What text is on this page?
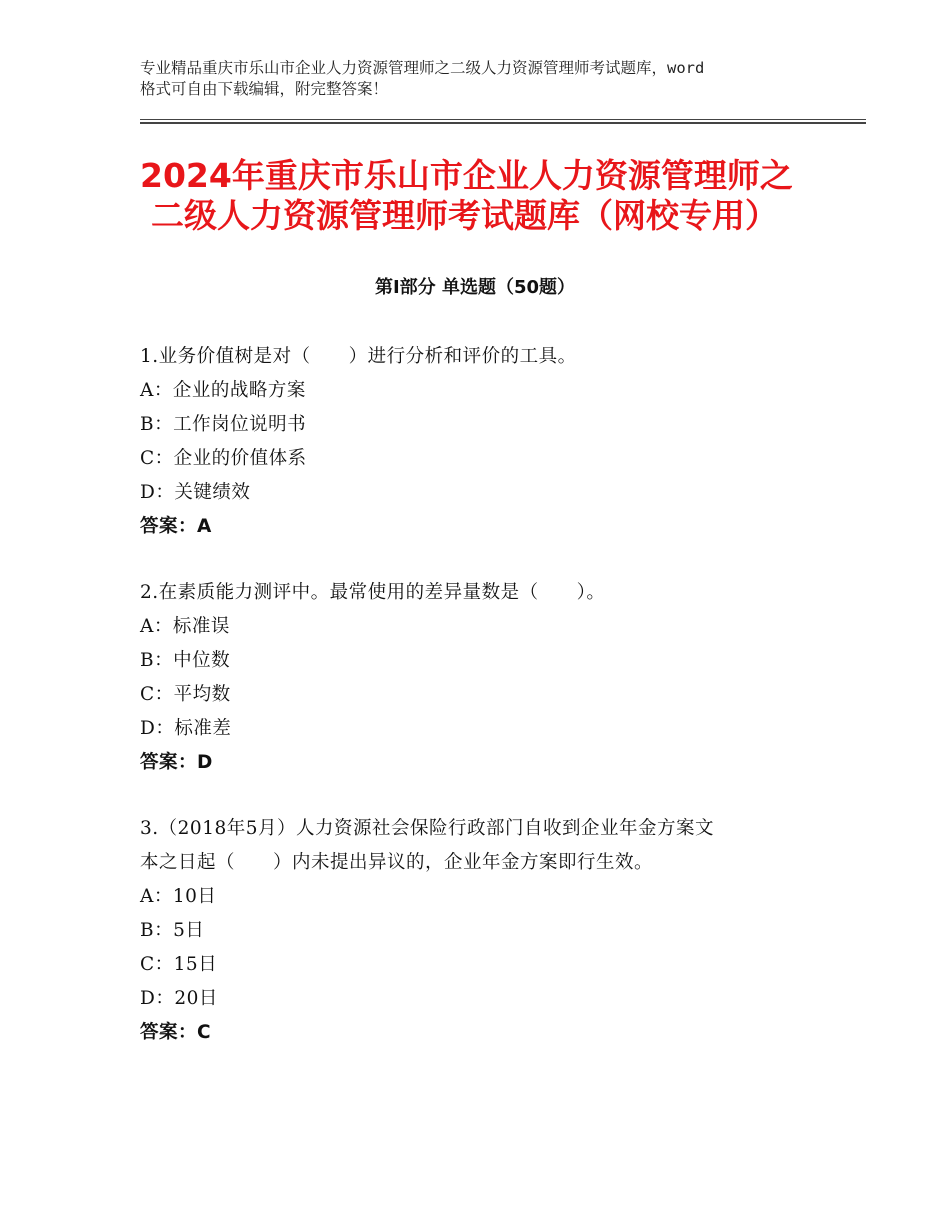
专业精品重庆市乐山市企业人力资源管理师之二级人力资源管理师考试题库，word
格式可自由下载编辑，附完整答案！
2024年重庆市乐山市企业人力资源管理师之
二级人力资源管理师考试题库（网校专用）
第Ⅰ部分 单选题（50题）
1.业务价值树是对（　　）进行分析和评价的工具。
A：企业的战略方案
B：工作岗位说明书
C：企业的价值体系
D：关键绩效
答案：A
2.在素质能力测评中。最常使用的差异量数是（　　）。
A：标准误
B：中位数
C：平均数
D：标准差
答案：D
3.（2018年5月）人力资源社会保险行政部门自收到企业年金方案文
本之日起（　　）内未提出异议的，企业年金方案即行生效。
A：10日
B：5日
C：15日
D：20日
答案：C
